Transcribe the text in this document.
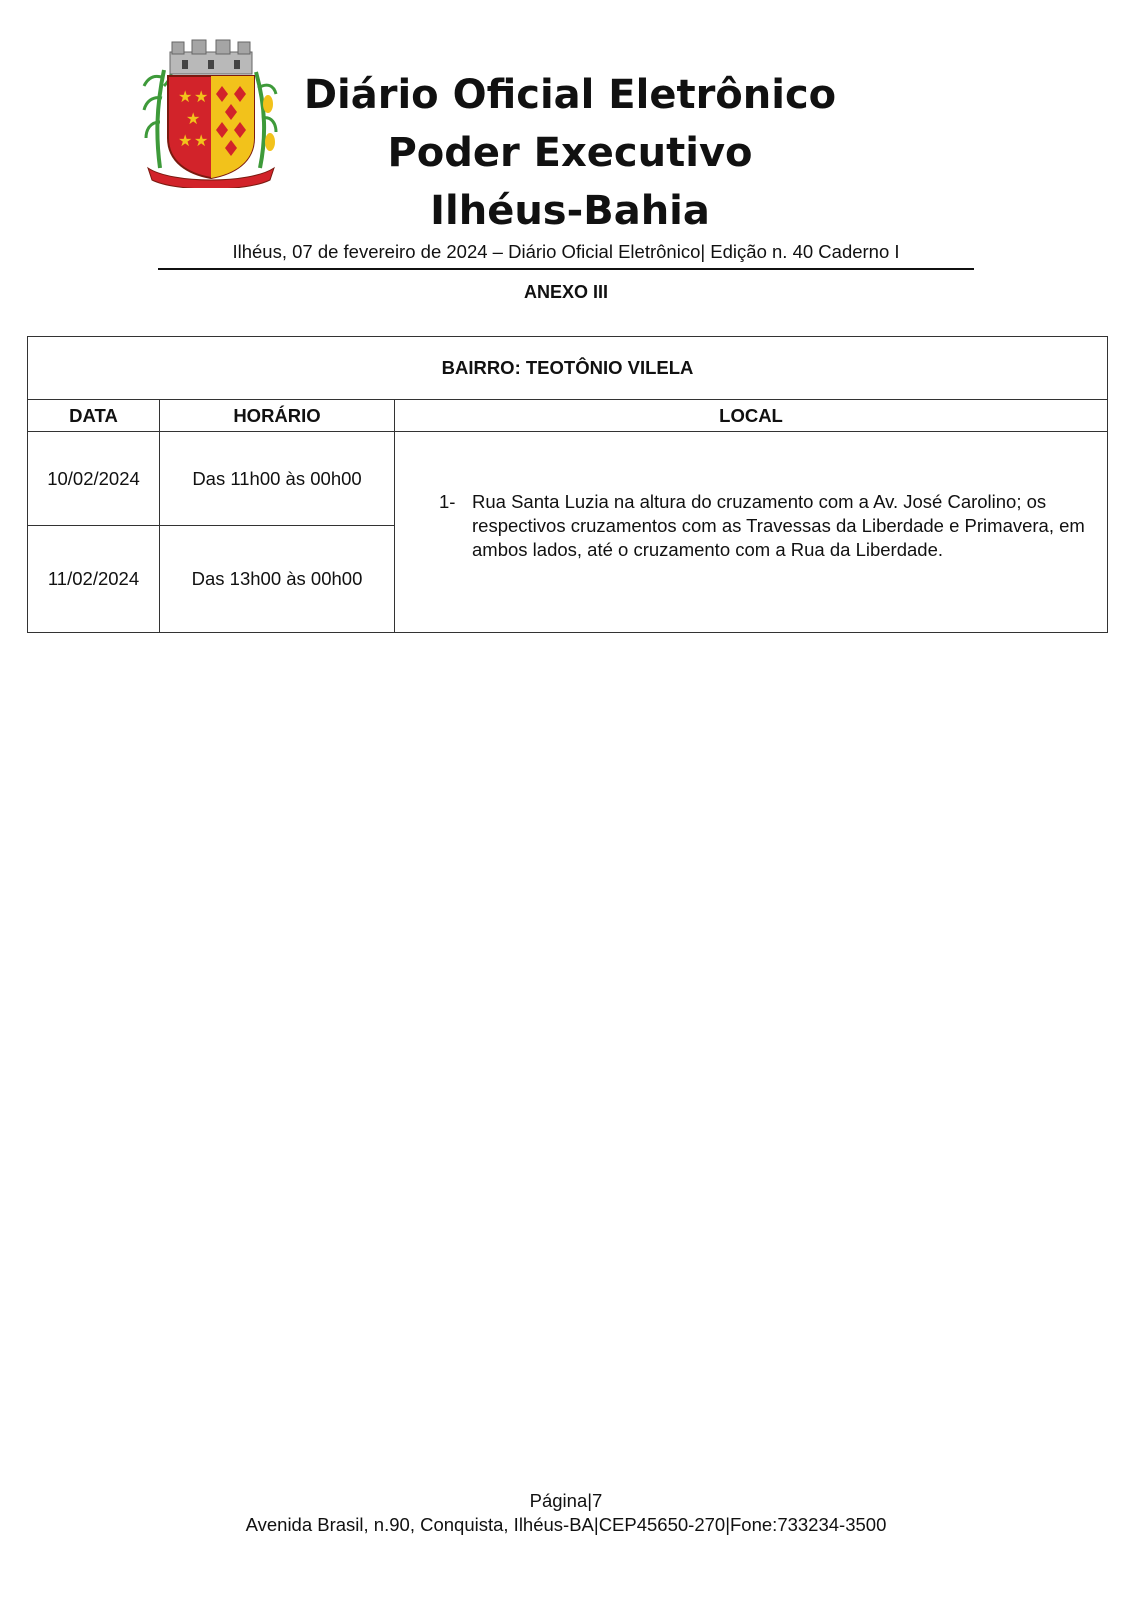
★ ★
★
★ ★
Diário Oficial Eletrônico
Poder Executivo
Ilhéus-Bahia
Ilhéus, 07 de fevereiro de 2024 – Diário Oficial Eletrônico| Edição n. 40 Caderno I
ANEXO III
BAIRRO: TEOTÔNIO VILELA		
DATA	HORÁRIO	LOCAL

10/02/2024	Das 11h00 às 00h00	1- Rua Santa Luzia na altura do cruzamento com a Av. José Carolino; os respectivos cruzamentos com as Travessas da Liberdade e Primavera, em ambos lados, até o cruzamento com a Rua da Liberdade.

11/02/2024	Das 13h00 às 00h00	
Página|7
Avenida Brasil, n.90, Conquista, Ilhéus-BA|CEP45650-270|Fone:733234-3500
